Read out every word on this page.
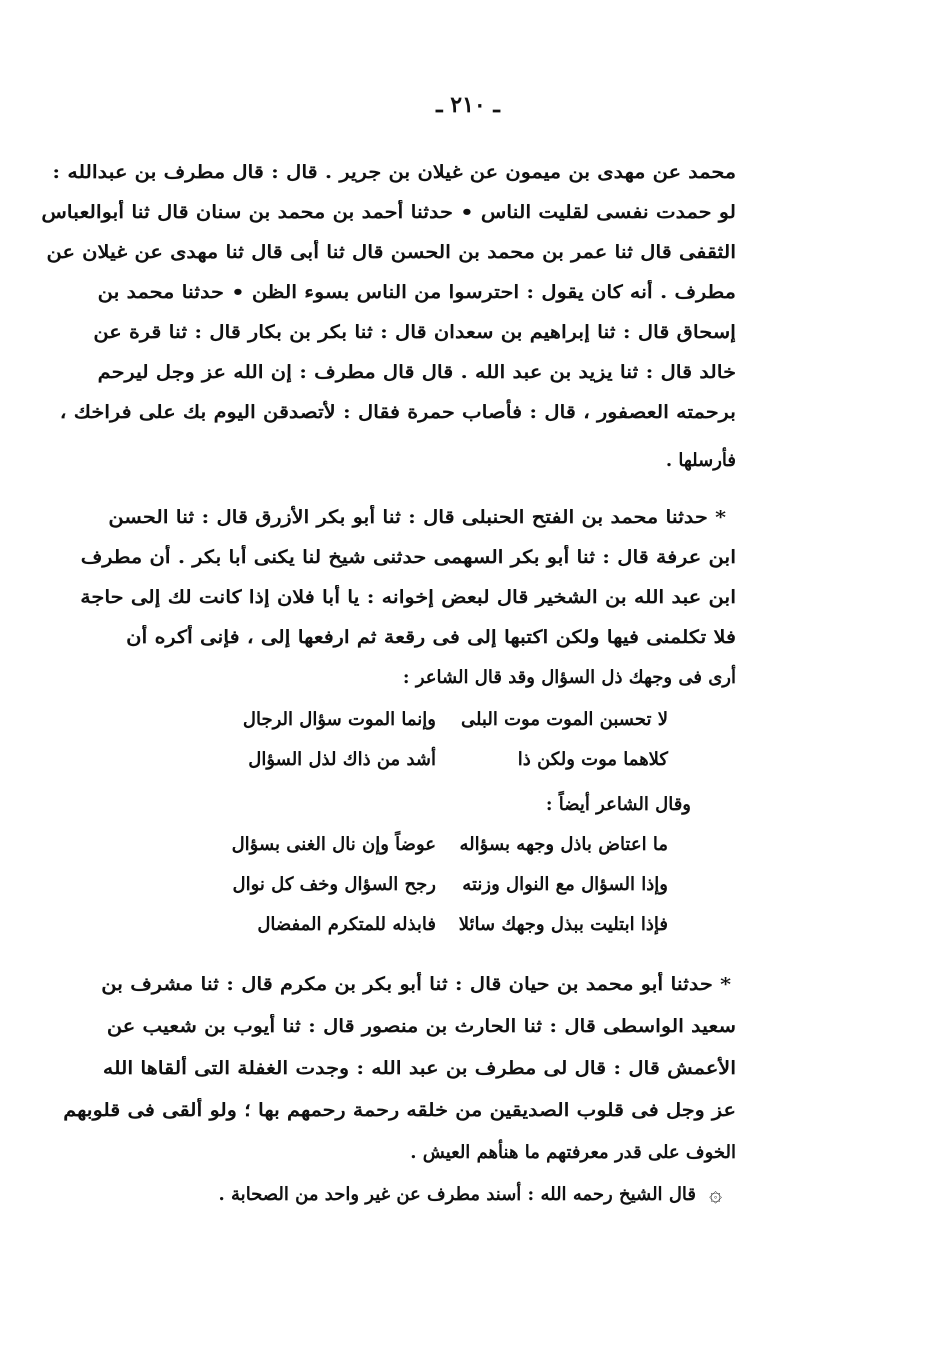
ـ ٢١٠ ـ
محمد عن مهدى بن ميمون عن غيلان بن جرير . قال : قال مطرف بن عبدالله :
لو حمدت نفسى لقليت الناس • حدثنا أحمد بن محمد بن سنان قال ثنا أبوالعباس
الثقفى قال ثنا عمر بن محمد بن الحسن قال ثنا أبى قال ثنا مهدى عن غيلان عن
مطرف . أنه كان يقول : احترسوا من الناس بسوء الظن • حدثنا محمد بن
إسحاق قال : ثنا إبراهيم بن سعدان قال : ثنا بكر بن بكار قال : ثنا قرة عن
خالد قال : ثنا يزيد بن عبد الله . قال قال مطرف : إن الله عز وجل ليرحم
برحمته العصفور ، قال : فأصاب حمرة فقال : لأتصدقن اليوم بك على فراخك ،
فأرسلها .
* حدثنا محمد بن الفتح الحنبلى قال : ثنا أبو بكر الأزرق قال : ثنا الحسن
ابن عرفة قال : ثنا أبو بكر السهمى حدثنى شيخ لنا يكنى أبا بكر . أن مطرف
ابن عبد الله بن الشخير قال لبعض إخوانه : يا أبا فلان إذا كانت لك إلى حاجة
فلا تكلمنى فيها ولكن اكتبها إلى فى رقعة ثم ارفعها إلى ، فإنى أكره أن
أرى فى وجهك ذل السؤال وقد قال الشاعر :
لا تحسبن الموت موت البلى
وإنما الموت سؤال الرجال
كلاهما موت ولكن ذا
أشد من ذاك لذل السؤال
وقال الشاعر أيضاً :
ما اعتاض باذل وجهه بسؤاله
عوضاً وإن نال الغنى بسؤال
وإذا السؤال مع النوال وزنته
رجح السؤال وخف كل نوال
فإذا ابتليت ببذل وجهك سائلا
فابذله للمتكرم المفضال
* حدثنا أبو محمد بن حيان قال : ثنا أبو بكر بن مكرم قال : ثنا مشرف بن
سعيد الواسطى قال : ثنا الحارث بن منصور قال : ثنا أيوب بن شعيب عن
الأعمش قال : قال لى مطرف بن عبد الله : وجدت الغفلة التى ألقاها الله
عز وجل فى قلوب الصديقين من خلقه رحمة رحمهم بها ؛ ولو ألقى فى قلوبهم
الخوف على قدر معرفتهم ما هنأهم العيش .
۞
قال الشيخ رحمه الله : أسند مطرف عن غير واحد من الصحابة .
